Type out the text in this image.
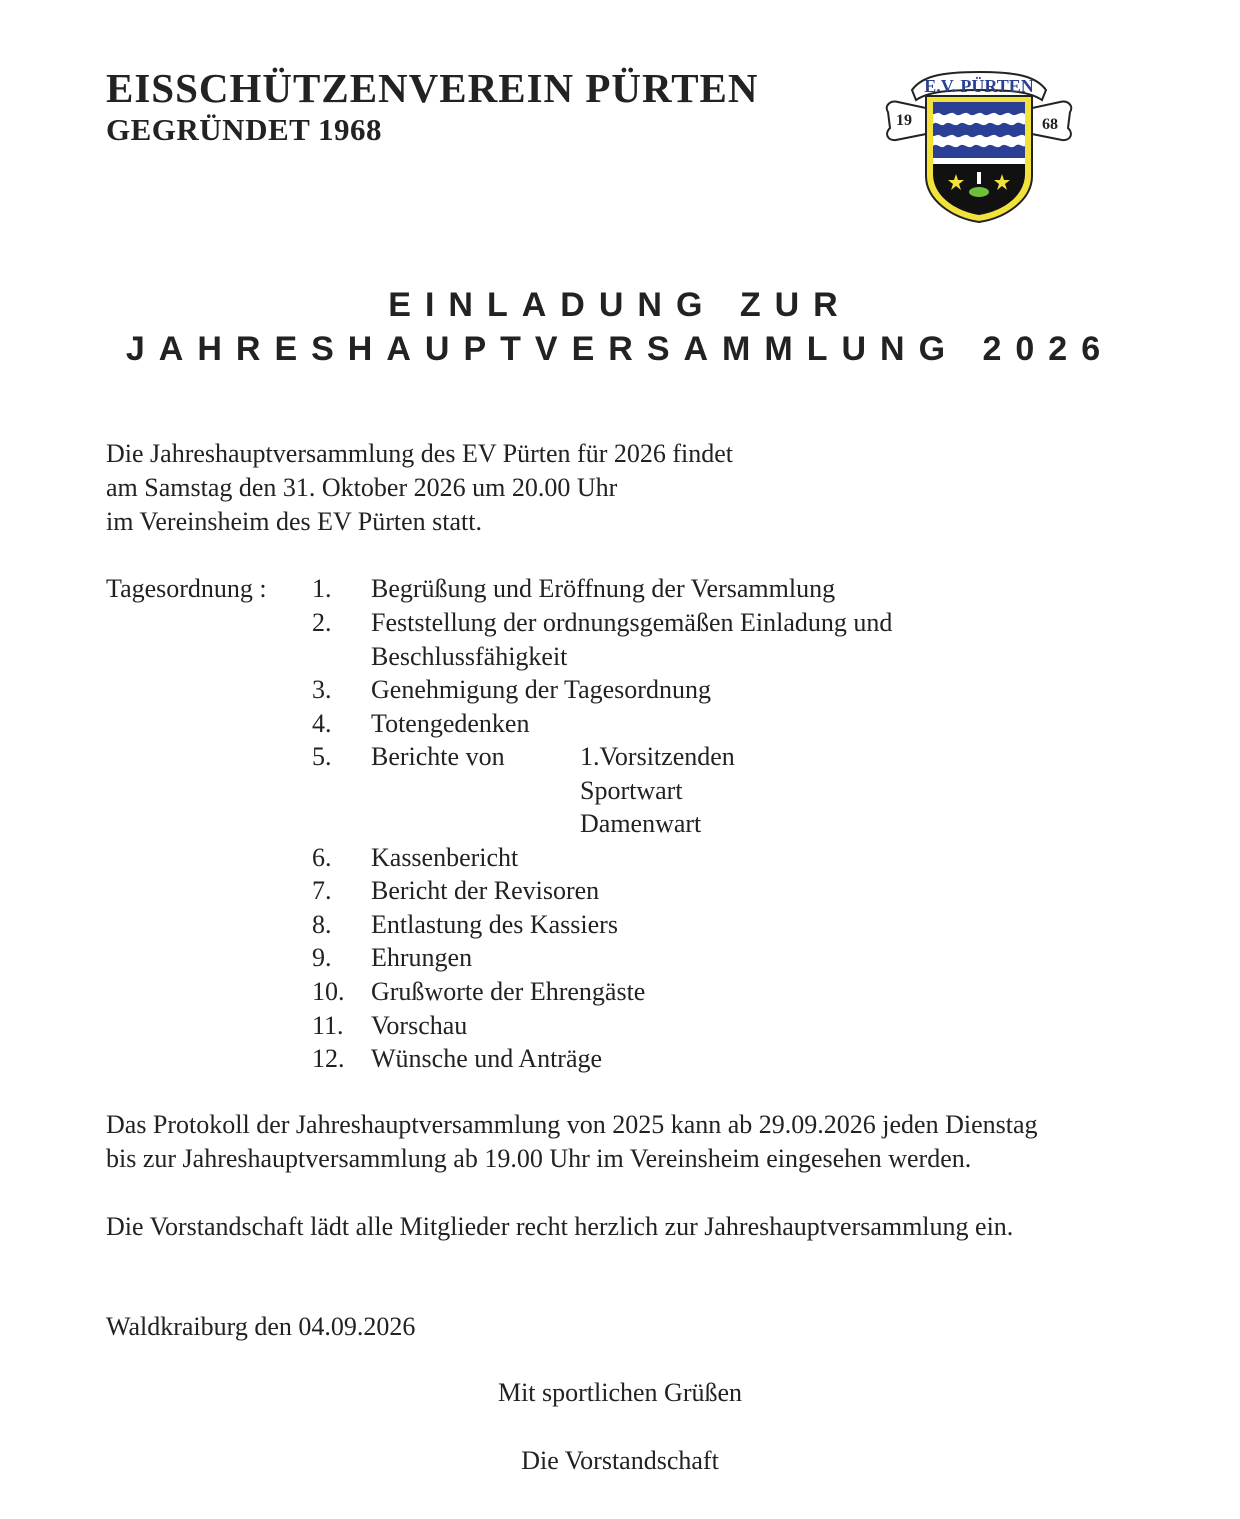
EISSCHÜTZENVEREIN PÜRTEN
GEGRÜNDET 1968
E.V. PÜRTEN
19	68
EINLADUNG ZUR
JAHRESHAUPTVERSAMMLUNG 2026
Die Jahreshauptversammlung des EV Pürten für 2026 findet
am Samstag den 31. Oktober 2026 um 20.00 Uhr
im Vereinsheim des EV Pürten statt.
Tagesordnung : 1. Begrüßung und Eröffnung der Versammlung
2. Feststellung der ordnungsgemäßen Einladung und
Beschlussfähigkeit
3. Genehmigung der Tagesordnung
4. Totengedenken
5. Berichte von	1.Vorsitzenden
Sportwart
Damenwart
6. Kassenbericht
7. Bericht der Revisoren
8. Entlastung des Kassiers
9. Ehrungen
10. Grußworte der Ehrengäste
11. Vorschau
12. Wünsche und Anträge
Das Protokoll der Jahreshauptversammlung von 2025 kann ab 29.09.2026 jeden Dienstag
bis zur Jahreshauptversammlung ab 19.00 Uhr im Vereinsheim eingesehen werden.
Die Vorstandschaft lädt alle Mitglieder recht herzlich zur Jahreshauptversammlung ein.
Waldkraiburg den 04.09.2026
Mit sportlichen Grüßen
Die Vorstandschaft
